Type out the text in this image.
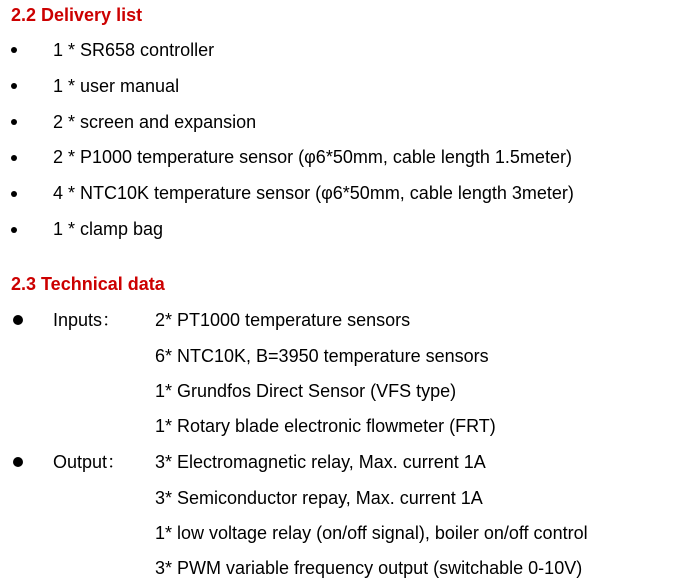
2.2 Delivery list
1 * SR658 controller
1 * user manual
2 * screen and expansion
2 * P1000 temperature sensor (φ6*50mm, cable length 1.5meter)
4 * NTC10K temperature sensor (φ6*50mm, cable length 3meter)
1 * clamp bag
2.3 Technical data
Inputs： 2* PT1000 temperature sensors
6* NTC10K, B=3950 temperature sensors
1* Grundfos Direct Sensor (VFS type)
1* Rotary blade electronic flowmeter (FRT)
Output： 3* Electromagnetic relay, Max. current 1A
3* Semiconductor repay, Max. current 1A
1* low voltage relay (on/off signal), boiler on/off control
3* PWM variable frequency output (switchable 0-10V)
